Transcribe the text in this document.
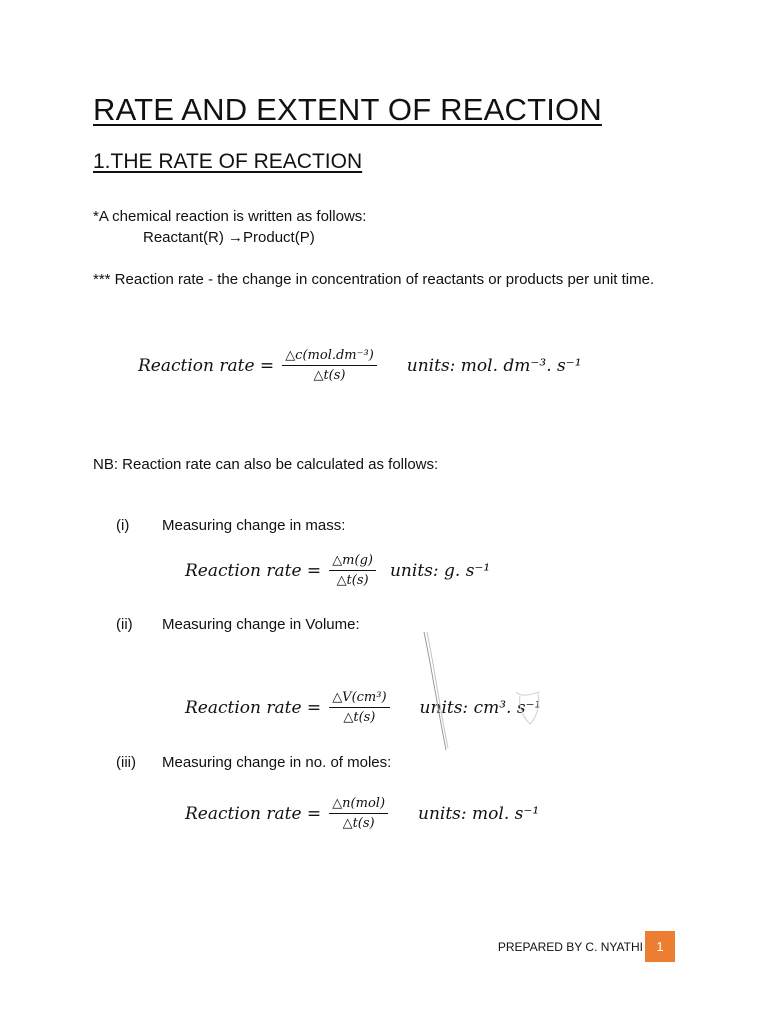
RATE AND EXTENT OF REACTION
1.THE RATE OF REACTION
*A chemical reaction is written as follows:
Reactant(R) →Product(P)
*** Reaction rate - the change in concentration of reactants or products per unit time.
Reaction rate = $\frac{\text{△c(mol.dm⁻³)}}{\triangle t(s)}$ units: mol. dm⁻³. s⁻¹
NB: Reaction rate can also be calculated as follows:
(i) Measuring change in mass:
Reaction rate = $\frac{\triangle m(g)}{\triangle t(s)}$ units: g. s⁻¹
(ii) Measuring change in Volume:
Reaction rate = $\frac{\text{△V(cm³)}}{\triangle t(s)}$ units: cm³. s⁻¹
(iii) Measuring change in no. of moles:
Reaction rate = $\frac{\text{△n(mol)}}{\triangle t(s)}$ units: mol. s⁻¹
PREPARED BY C. NYATHI	1
